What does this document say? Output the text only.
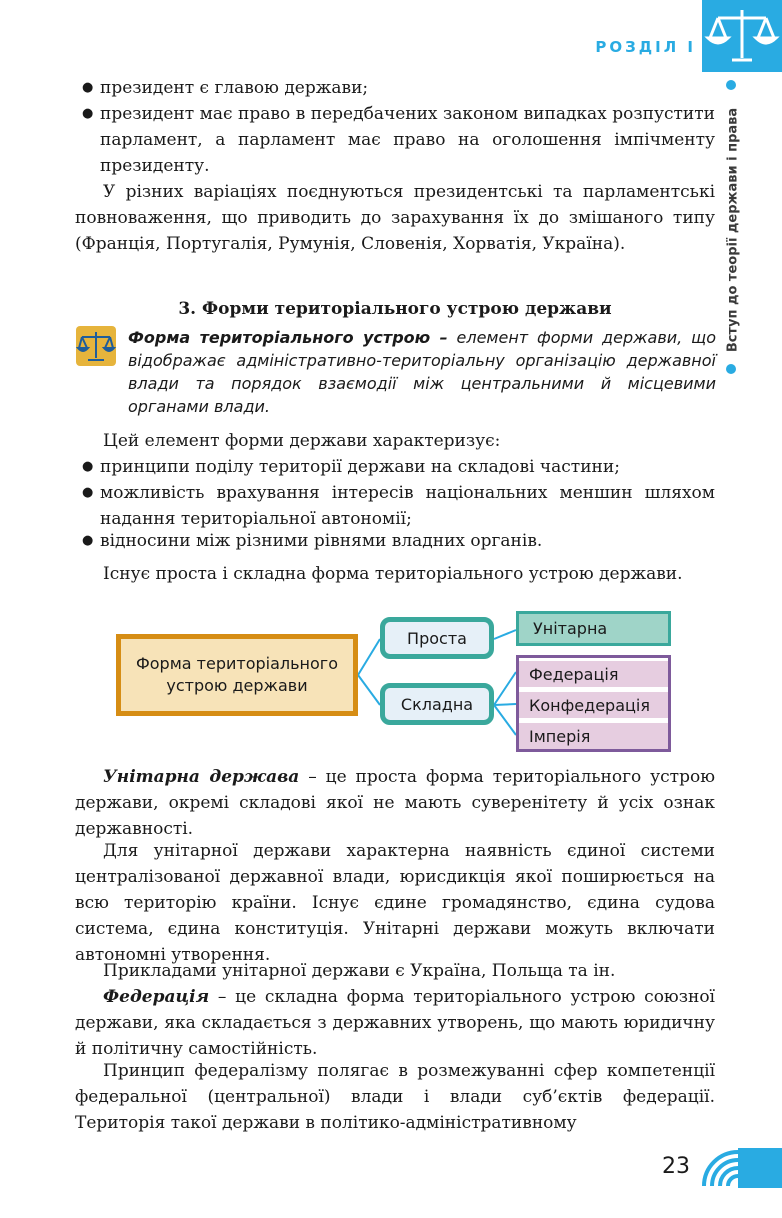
РОЗДІЛ І
Вступ до теорії держави і права
● президент є главою держави;
● президент має право в передбачених законом випадках розпустити парламент, а парламент має право на оголошення імпічменту президенту.
У різних варіаціях поєднуються президентські та парламентські повноваження, що приводить до зарахування їх до змішаного типу (Франція, Португалія, Румунія, Словенія, Хорватія, Україна).
3. Форми територіального устрою держави
Форма територіального устрою – елемент форми держави, що відображає адміністративно-територіальну організацію державної влади та порядок взаємодії між центральними й місцевими органами влади.
Цей елемент форми держави характеризує:
● принципи поділу території держави на складові частини;
● можливість врахування інтересів національних меншин шляхом надання територіальної автономії;
● відносини між різними рівнями владних органів.
Існує проста і складна форма територіального устрою держави.
Форма територіального устрою держави
Проста
Складна
Унітарна
Федерація
Конфедерація
Імперія
Унітарна держава – це проста форма територіального устрою держави, окремі складові якої не мають суверенітету й усіх ознак державності.
Для унітарної держави характерна наявність єдиної системи централізованої державної влади, юрисдикція якої поширюється на всю територію країни. Існує єдине громадянство, єдина судова система, єдина конституція. Унітарні держави можуть включати автономні утворення.
Прикладами унітарної держави є Україна, Польща та ін.
Федерація – це складна форма територіального устрою союзної держави, яка складається з державних утворень, що мають юридичну й політичну самостійність.
Принцип федералізму полягає в розмежуванні сфер компетенції федеральної (центральної) влади і влади суб’єктів федерації. Територія такої держави в політико-адміністративному
23
